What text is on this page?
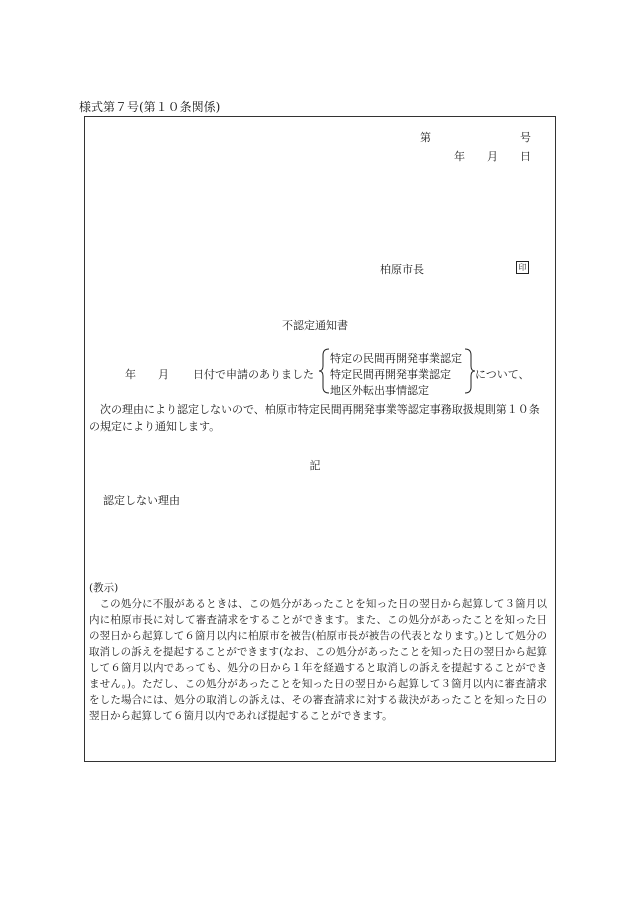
様式第７号(第１０条関係)
第	号
年 月 日
柏原市長	印
不認定通知書
年 月 日付で申請のありました
特定の民間再開発事業認定
特定民間再開発事業認定
地区外転出事情認定
について、
次の理由により認定しないので、柏原市特定民間再開発事業等認定事務取扱規則第１０条の規定により通知します。
記
認定しない理由
(教示)
この処分に不服があるときは、この処分があったことを知った日の翌日から起算して３箇月以内に柏原市長に対して審査請求をすることができます。また、この処分があったことを知った日の翌日から起算して６箇月以内に柏原市を被告(柏原市長が被告の代表となります。)として処分の取消しの訴えを提起することができます(なお、この処分があったことを知った日の翌日から起算して６箇月以内であっても、処分の日から１年を経過すると取消しの訴えを提起することができません。)。ただし、この処分があったことを知った日の翌日から起算して３箇月以内に審査請求をした場合には、処分の取消しの訴えは、その審査請求に対する裁決があったことを知った日の翌日から起算して６箇月以内であれば提起することができます。
